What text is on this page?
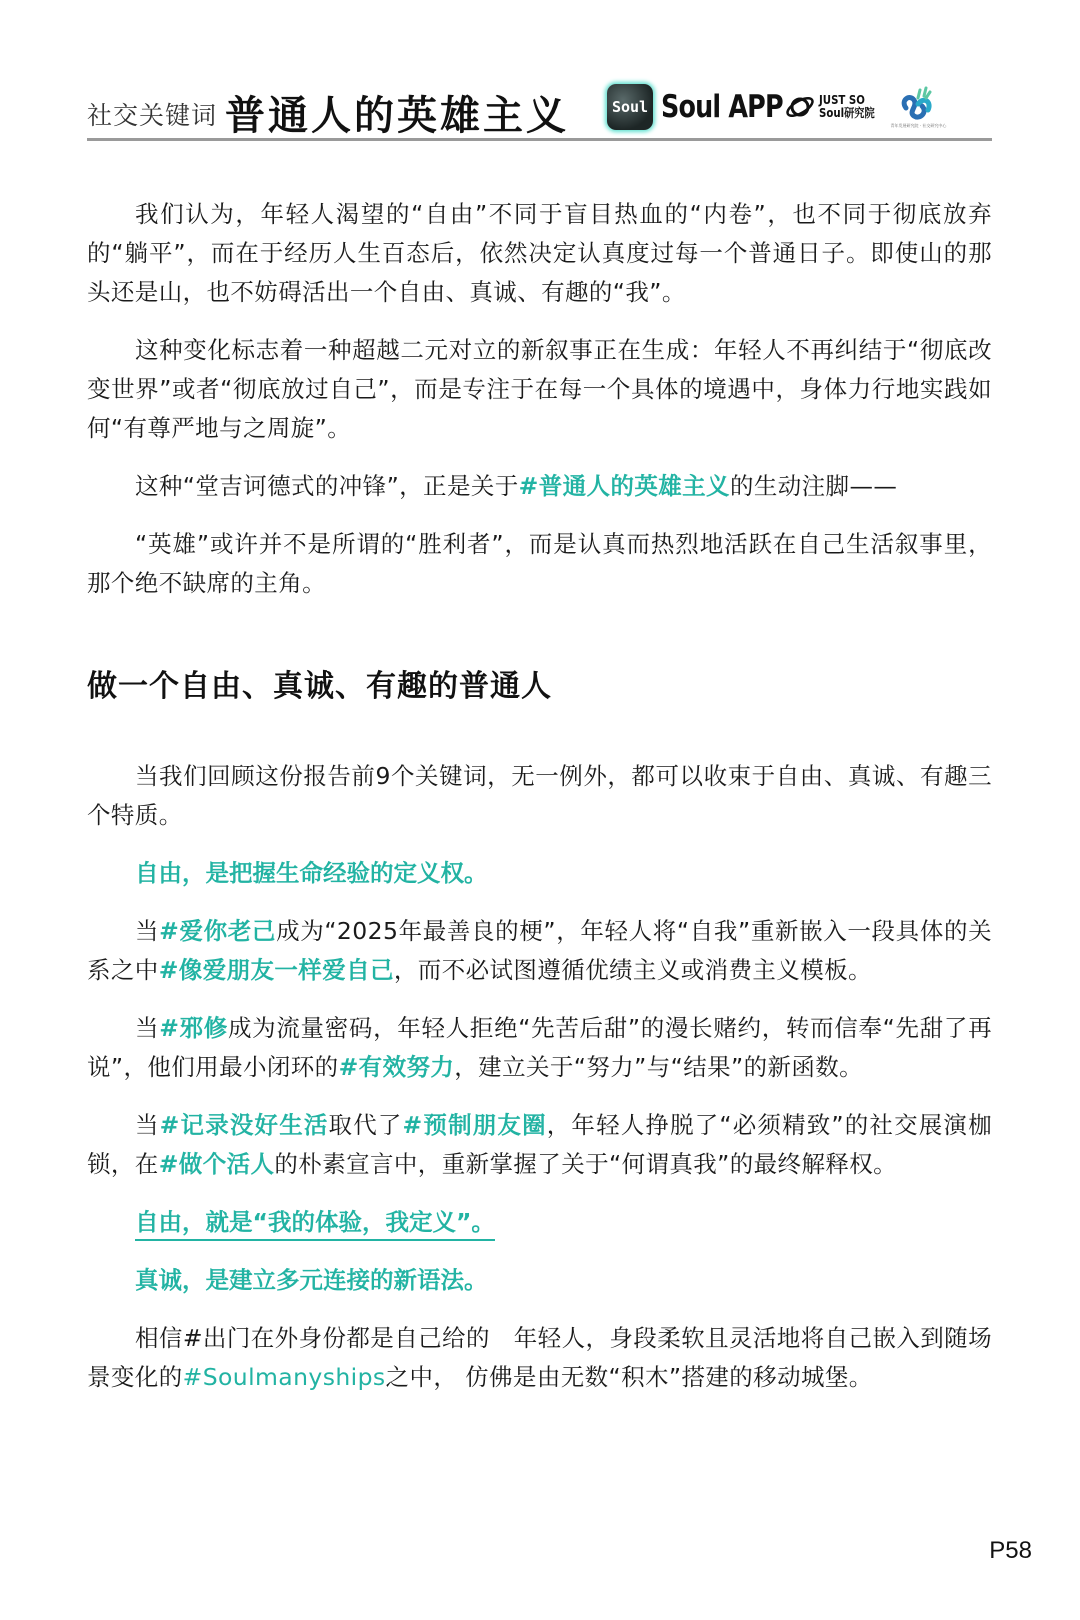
社交关键词 普通人的英雄主义	Soul Soul APP	JUST SO
Soul研究院
青年发展研究院 · 社交研究中心

我们认为，年轻人渴望的“自由”不同于盲目热血的“内卷”，也不同于彻底放弃的“躺平”，而在于经历人生百态后，依然决定认真度过每一个普通日子。即使山的那头还是山，也不妨碍活出一个自由、真诚、有趣的“我”。

这种变化标志着一种超越二元对立的新叙事正在生成：年轻人不再纠结于“彻底改变世界”或者“彻底放过自己”，而是专注于在每一个具体的境遇中，身体力行地实践如何“有尊严地与之周旋”。

这种“堂吉诃德式的冲锋”，正是关于#普通人的英雄主义的生动注脚——

“英雄”或许并不是所谓的“胜利者”，而是认真而热烈地活跃在自己生活叙事里，那个绝不缺席的主角。

做一个自由、真诚、有趣的普通人

当我们回顾这份报告前9个关键词，无一例外，都可以收束于自由、真诚、有趣三个特质。

自由，是把握生命经验的定义权。

当#爱你老己成为“2025年最善良的梗”，年轻人将“自我”重新嵌入一段具体的关系之中#像爱朋友一样爱自己，而不必试图遵循优绩主义或消费主义模板。

当#邪修成为流量密码，年轻人拒绝“先苦后甜”的漫长赌约，转而信奉“先甜了再说”，他们用最小闭环的#有效努力，建立关于“努力”与“结果”的新函数。

当#记录没好生活取代了#预制朋友圈，年轻人挣脱了“必须精致”的社交展演枷锁，在#做个活人的朴素宣言中，重新掌握了关于“何谓真我”的最终解释权。

自由，就是“我的体验，我定义”。

真诚，是建立多元连接的新语法。

相信#出门在外身份都是自己给的　年轻人，身段柔软且灵活地将自己嵌入到随场景变化的#Soulmanyships之中， 仿佛是由无数“积木”搭建的移动城堡。

P58
